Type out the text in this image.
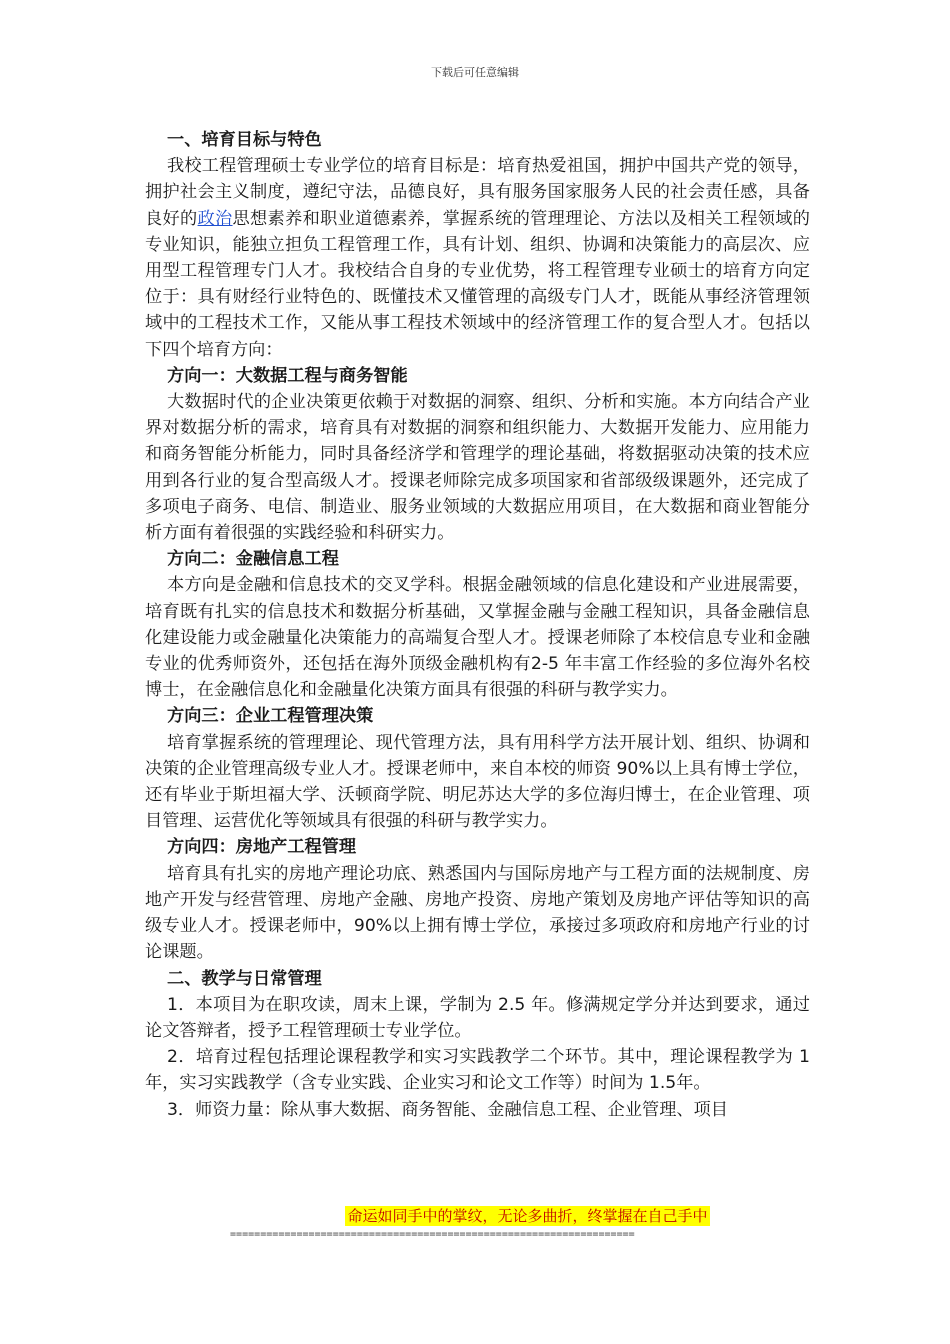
下载后可任意编辑

一、培育目标与特色

我校工程管理硕士专业学位的培育目标是：培育热爱祖国，拥护中国共产党的领导，拥护社会主义制度，遵纪守法，品德良好，具有服务国家服务人民的社会责任感，具备良好的政治思想素养和职业道德素养，掌握系统的管理理论、方法以及相关工程领域的专业知识，能独立担负工程管理工作，具有计划、组织、协调和决策能力的高层次、应用型工程管理专门人才。我校结合自身的专业优势，将工程管理专业硕士的培育方向定位于：具有财经行业特色的、既懂技术又懂管理的高级专门人才，既能从事经济管理领域中的工程技术工作，又能从事工程技术领域中的经济管理工作的复合型人才。包括以下四个培育方向：

方向一：大数据工程与商务智能

大数据时代的企业决策更依赖于对数据的洞察、组织、分析和实施。本方向结合产业界对数据分析的需求，培育具有对数据的洞察和组织能力、大数据开发能力、应用能力和商务智能分析能力，同时具备经济学和管理学的理论基础，将数据驱动决策的技术应用到各行业的复合型高级人才。授课老师除完成多项国家和省部级级课题外，还完成了多项电子商务、电信、制造业、服务业领域的大数据应用项目，在大数据和商业智能分析方面有着很强的实践经验和科研实力。

方向二：金融信息工程

本方向是金融和信息技术的交叉学科。根据金融领域的信息化建设和产业进展需要，培育既有扎实的信息技术和数据分析基础，又掌握金融与金融工程知识，具备金融信息化建设能力或金融量化决策能力的高端复合型人才。授课老师除了本校信息专业和金融专业的优秀师资外，还包括在海外顶级金融机构有2-5 年丰富工作经验的多位海外名校博士，在金融信息化和金融量化决策方面具有很强的科研与教学实力。

方向三：企业工程管理决策

培育掌握系统的管理理论、现代管理方法，具有用科学方法开展计划、组织、协调和决策的企业管理高级专业人才。授课老师中，来自本校的师资 90%以上具有博士学位，还有毕业于斯坦福大学、沃顿商学院、明尼苏达大学的多位海归博士，在企业管理、项目管理、运营优化等领域具有很强的科研与教学实力。

方向四：房地产工程管理

培育具有扎实的房地产理论功底、熟悉国内与国际房地产与工程方面的法规制度、房地产开发与经营管理、房地产金融、房地产投资、房地产策划及房地产评估等知识的高级专业人才。授课老师中，90%以上拥有博士学位，承接过多项政府和房地产行业的讨论课题。

二、教学与日常管理

1．本项目为在职攻读，周末上课，学制为 2.5 年。修满规定学分并达到要求，通过论文答辩者，授予工程管理硕士专业学位。

2．培育过程包括理论课程教学和实习实践教学二个环节。其中，理论课程教学为 1 年，实习实践教学（含专业实践、企业实习和论文工作等）时间为 1.5年。

3．师资力量：除从事大数据、商务智能、金融信息工程、企业管理、项目

命运如同手中的掌纹，无论多曲折，终掌握在自己手中
===================================================================
